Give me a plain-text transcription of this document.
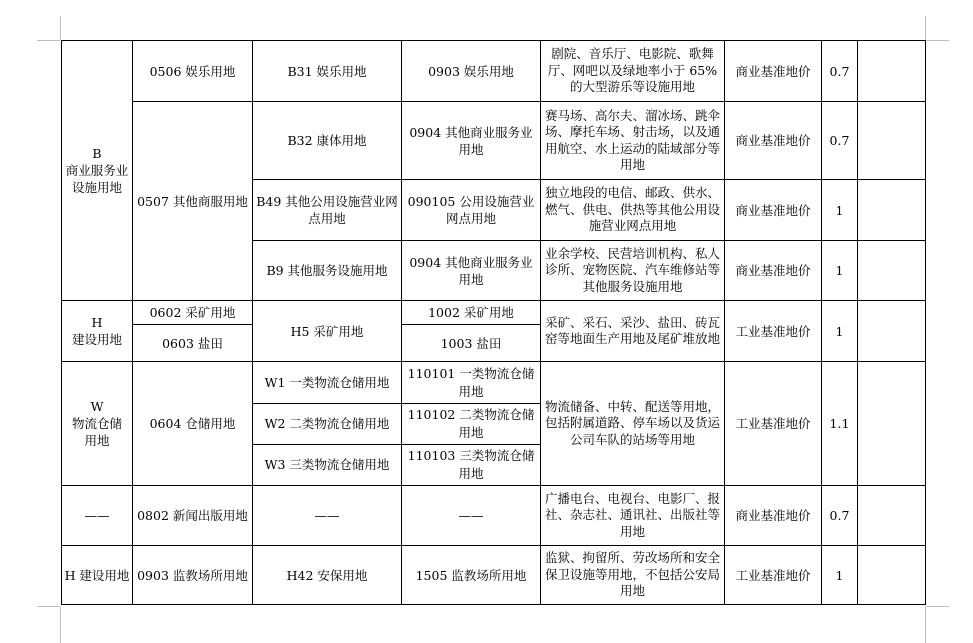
B
商业服务业
设施用地	0506 娱乐用地	B31 娱乐用地	0903 娱乐用地	剧院、音乐厅、电影院、歌舞厅、网吧以及绿地率小于 65%的大型游乐等设施用地	商业基准地价	0.7	
	0507 其他商服用地	B32 康体用地	0904 其他商业服务业用地	赛马场、高尔夫、溜冰场、跳伞场、摩托车场、射击场，以及通用航空、水上运动的陆域部分等用地	商业基准地价	0.7	
		B49 其他公用设施营业网点用地	090105 公用设施营业网点用地	独立地段的电信、邮政、供水、燃气、供电、供热等其他公用设施营业网点用地	商业基准地价	1	
		B9 其他服务设施用地	0904 其他商业服务业用地	业余学校、民营培训机构、私人诊所、宠物医院、汽车维修站等其他服务设施用地	商业基准地价	1	

H
建设用地	0602 采矿用地	H5 采矿用地	1002 采矿用地	采矿、采石、采沙、盐田、砖瓦窑等地面生产用地及尾矿堆放地	工业基准地价	1	
	0603 盐田		1003 盐田				

W
物流仓储
用地	0604 仓储用地	W1 一类物流仓储用地	110101 一类物流仓储用地	物流储备、中转、配送等用地，包括附属道路、停车场以及货运公司车队的站场等用地	工业基准地价	1.1	
		W2 二类物流仓储用地	110102 二类物流仓储用地				
		W3 三类物流仓储用地	110103 三类物流仓储用地				
——	0802 新闻出版用地	——	——	广播电台、电视台、电影厂、报社、杂志社、通讯社、出版社等用地	商业基准地价	0.7	
H 建设用地	0903 监教场所用地	H42 安保用地	1505 监教场所用地	监狱、拘留所、劳改场所和安全保卫设施等用地，不包括公安局用地	工业基准地价	1	
